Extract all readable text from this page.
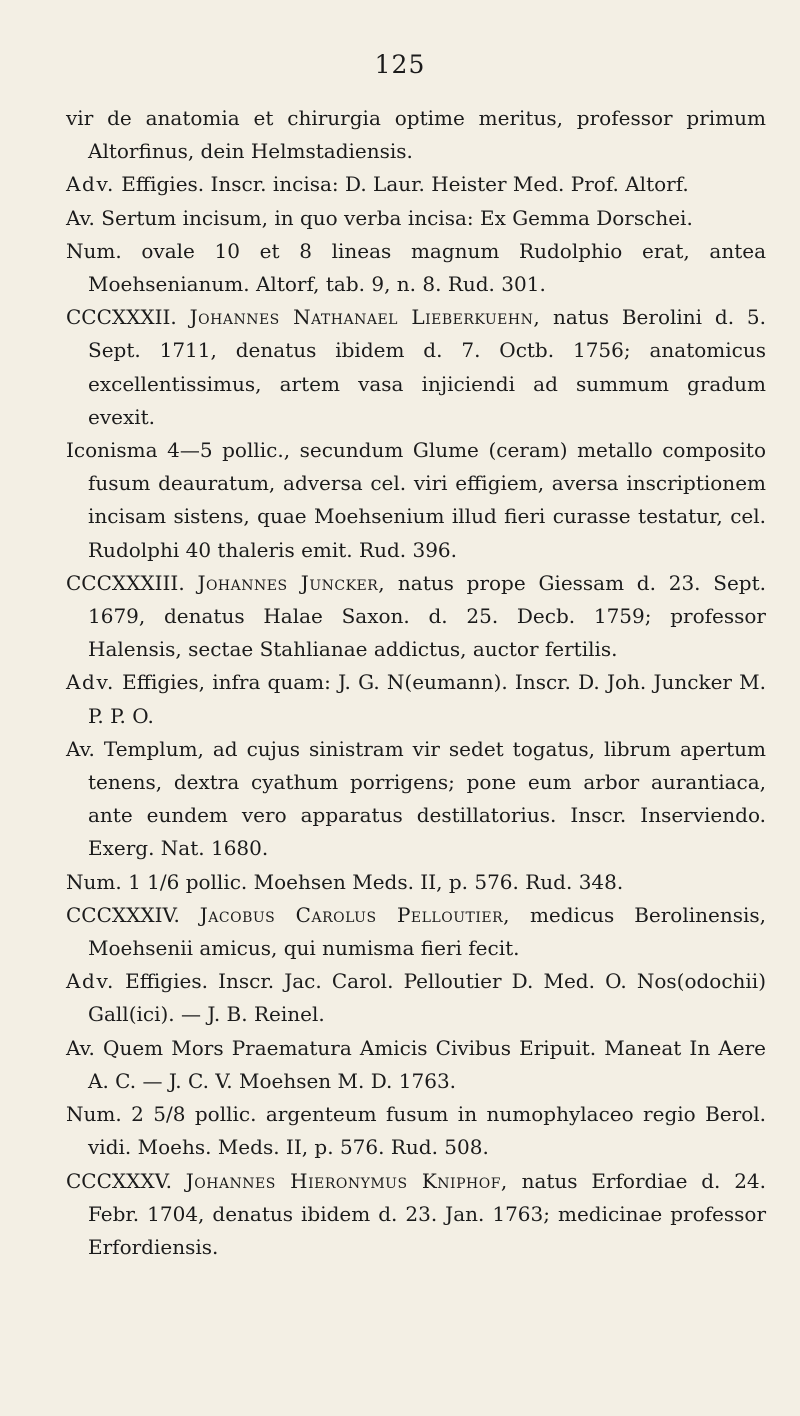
125

vir de anatomia et chirurgia optime meritus, professor primum Altorfinus, dein Helmstadiensis.

Adv. Effigies. Inscr. incisa: D. Laur. Heister Med. Prof. Altorf.

Av. Sertum incisum, in quo verba incisa: Ex Gemma Dorschei.

Num. ovale 10 et 8 lineas magnum Rudolphio erat, antea Moehsenianum. Altorf, tab. 9, n. 8. Rud. 301.

CCCXXXII. Johannes Nathanael Lieberkuehn, natus Berolini d. 5. Sept. 1711, denatus ibidem d. 7. Octb. 1756; anatomicus excellentissimus, artem vasa injiciendi ad summum gradum evexit.

Iconisma 4—5 pollic., secundum Glume (ceram) metallo composito fusum deauratum, adversa cel. viri effigiem, aversa inscriptionem incisam sistens, quae Moehsenium illud fieri curasse testatur, cel. Rudolphi 40 thaleris emit. Rud. 396.

CCCXXXIII. Johannes Juncker, natus prope Giessam d. 23. Sept. 1679, denatus Halae Saxon. d. 25. Decb. 1759; professor Halensis, sectae Stahlianae addictus, auctor fertilis.

Adv. Effigies, infra quam: J. G. N(eumann). Inscr. D. Joh. Juncker M. P. P. O.

Av. Templum, ad cujus sinistram vir sedet togatus, librum apertum tenens, dextra cyathum porrigens; pone eum arbor aurantiaca, ante eundem vero apparatus destillatorius. Inscr. Inserviendo. Exerg. Nat. 1680.

Num. 1 1/6 pollic. Moehsen Meds. II, p. 576. Rud. 348.

CCCXXXIV. Jacobus Carolus Pelloutier, medicus Berolinensis, Moehsenii amicus, qui numisma fieri fecit.

Adv. Effigies. Inscr. Jac. Carol. Pelloutier D. Med. O. Nos(odochii) Gall(ici). — J. B. Reinel.

Av. Quem Mors Praematura Amicis Civibus Eripuit. Maneat In Aere A. C. — J. C. V. Moehsen M. D. 1763.

Num. 2 5/8 pollic. argenteum fusum in numophylaceo regio Berol. vidi. Moehs. Meds. II, p. 576. Rud. 508.

CCCXXXV. Johannes Hieronymus Kniphof, natus Erfordiae d. 24. Febr. 1704, denatus ibidem d. 23. Jan. 1763; medicinae professor Erfordiensis.
